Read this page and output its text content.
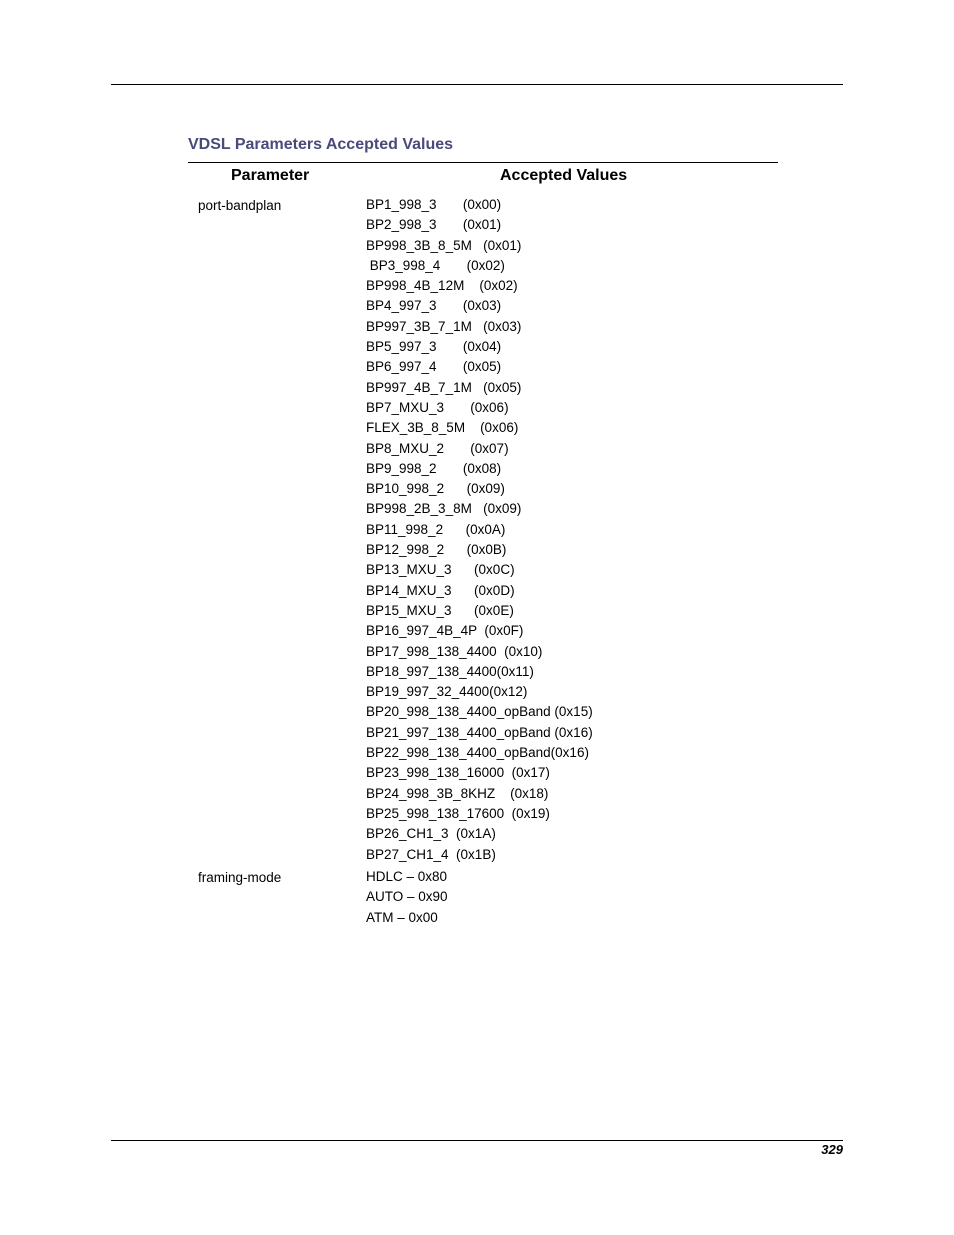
VDSL Parameters Accepted Values
Parameter	Accepted Values
port-bandplan	BP1_998_3       (0x00)
BP2_998_3       (0x01)
BP998_3B_8_5M   (0x01)
BP3_998_4       (0x02)
BP998_4B_12M    (0x02)
BP4_997_3       (0x03)
BP997_3B_7_1M   (0x03)
BP5_997_3       (0x04)
BP6_997_4       (0x05)
BP997_4B_7_1M   (0x05)
BP7_MXU_3       (0x06)
FLEX_3B_8_5M    (0x06)
BP8_MXU_2       (0x07)
BP9_998_2       (0x08)
BP10_998_2      (0x09)
BP998_2B_3_8M   (0x09)
BP11_998_2      (0x0A)
BP12_998_2      (0x0B)
BP13_MXU_3      (0x0C)
BP14_MXU_3      (0x0D)
BP15_MXU_3      (0x0E)
BP16_997_4B_4P  (0x0F)
BP17_998_138_4400  (0x10)
BP18_997_138_4400(0x11)
BP19_997_32_4400(0x12)
BP20_998_138_4400_opBand (0x15)
BP21_997_138_4400_opBand (0x16)
BP22_998_138_4400_opBand(0x16)
BP23_998_138_16000  (0x17)
BP24_998_3B_8KHZ    (0x18)
BP25_998_138_17600  (0x19)
BP26_CH1_3  (0x1A)
BP27_CH1_4  (0x1B)
framing-mode	HDLC – 0x80
AUTO – 0x90
ATM – 0x00
329
